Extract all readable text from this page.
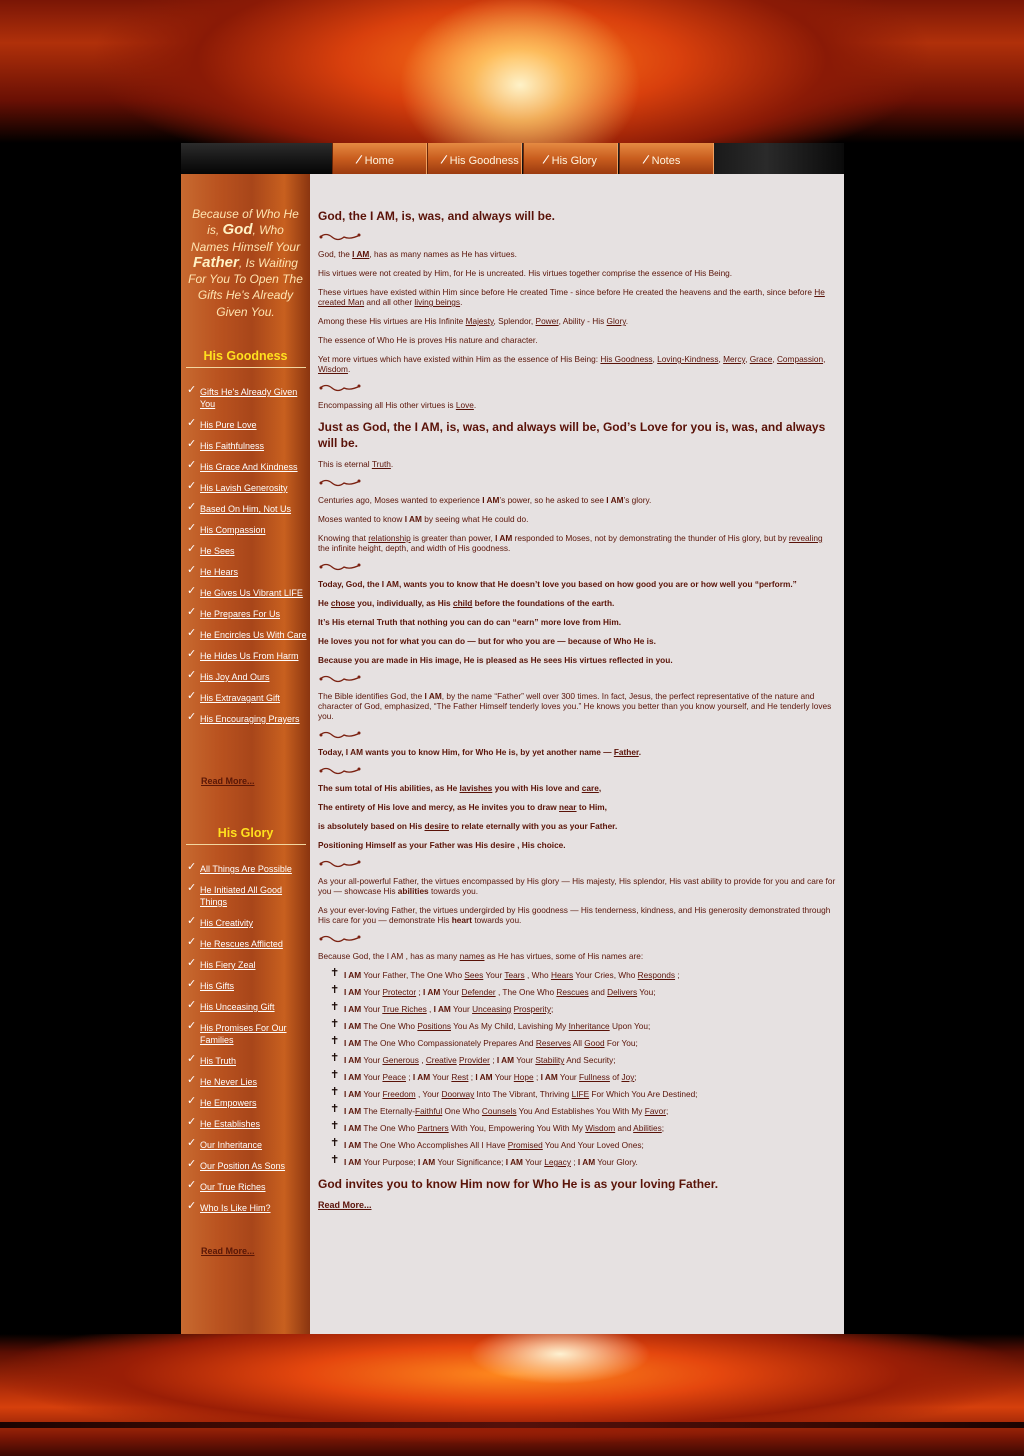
/ Home	/ His Goodness	/ His Glory	/ Notes
Because of Who He is, God, Who Names Himself Your Father, Is Waiting For You To Open The Gifts He's Already Given You.
His Goodness
✓ Gifts He's Already Given You
✓ His Pure Love
✓ His Faithfulness
✓ His Grace And Kindness
✓ His Lavish Generosity
✓ Based On Him, Not Us
✓ His Compassion
✓ He Sees
✓ He Hears
✓ He Gives Us Vibrant LIFE
✓ He Prepares For Us
✓ He Encircles Us With Care
✓ He Hides Us From Harm
✓ His Joy And Ours
✓ His Extravagant Gift
✓ His Encouraging Prayers
Read More...
His Glory
✓ All Things Are Possible
✓ He Initiated All Good Things
✓ His Creativity
✓ He Rescues Afflicted
✓ His Fiery Zeal
✓ His Gifts
✓ His Unceasing Gift
✓ His Promises For Our Families
✓ His Truth
✓ He Never Lies
✓ He Empowers
✓ He Establishes
✓ Our Inheritance
✓ Our Position As Sons
✓ Our True Riches
✓ Who Is Like Him?
Read More...
God, the I AM, is, was, and always will be.

God, the I AM, has as many names as He has virtues.

His virtues were not created by Him, for He is uncreated. His virtues together comprise the essence of His Being.

These virtues have existed within Him since before He created Time - since before He created the heavens and the earth, since before He created Man and all other living beings.

Among these His virtues are His Infinite Majesty, Splendor, Power, Ability - His Glory.

The essence of Who He is proves His nature and character.

Yet more virtues which have existed within Him as the essence of His Being: His Goodness, Loving-Kindness, Mercy, Grace, Compassion, Wisdom.

Encompassing all His other virtues is Love.

Just as God, the I AM, is, was, and always will be, God’s Love for you is, was, and always will be.

This is eternal Truth.

Centuries ago, Moses wanted to experience I AM’s power, so he asked to see I AM’s glory.

Moses wanted to know I AM by seeing what He could do.

Knowing that relationship is greater than power, I AM responded to Moses, not by demonstrating the thunder of His glory, but by revealing the infinite height, depth, and width of His goodness.

Today, God, the I AM, wants you to know that He doesn’t love you based on how good you are or how well you “perform.”

He chose you, individually, as His child before the foundations of the earth.

It’s His eternal Truth that nothing you can do can “earn” more love from Him.

He loves you not for what you can do — but for who you are — because of Who He is.

Because you are made in His image, He is pleased as He sees His virtues reflected in you.

The Bible identifies God, the I AM, by the name “Father” well over 300 times. In fact, Jesus, the perfect representative of the nature and character of God, emphasized, “The Father Himself tenderly loves you.” He knows you better than you know yourself, and He tenderly loves you.

Today, I AM wants you to know Him, for Who He is, by yet another name — Father.

The sum total of His abilities, as He lavishes you with His love and care,

The entirety of His love and mercy, as He invites you to draw near to Him,

is absolutely based on His desire to relate eternally with you as your Father.

Positioning Himself as your Father was His desire , His choice.

As your all-powerful Father, the virtues encompassed by His glory — His majesty, His splendor, His vast ability to provide for you and care for you — showcase His abilities towards you.

As your ever-loving Father, the virtues undergirded by His goodness — His tenderness, kindness, and His generosity demonstrated through His care for you — demonstrate His heart towards you.

Because God, the I AM , has as many names as He has virtues, some of His names are:

✝ I AM Your Father, The One Who Sees Your Tears , Who Hears Your Cries, Who Responds ;
✝ I AM Your Protector ; I AM Your Defender , The One Who Rescues and Delivers You;
✝ I AM Your True Riches , I AM Your Unceasing Prosperity;
✝ I AM The One Who Positions You As My Child, Lavishing My Inheritance Upon You;
✝ I AM The One Who Compassionately Prepares And Reserves All Good For You;
✝ I AM Your Generous , Creative Provider ; I AM Your Stability And Security;
✝ I AM Your Peace ; I AM Your Rest ; I AM Your Hope ; I AM Your Fullness of Joy;
✝ I AM Your Freedom , Your Doorway Into The Vibrant, Thriving LIFE For Which You Are Destined;
✝ I AM The Eternally-Faithful One Who Counsels You And Establishes You With My Favor;
✝ I AM The One Who Partners With You, Empowering You With My Wisdom and Abilities;
✝ I AM The One Who Accomplishes All I Have Promised You And Your Loved Ones;
✝ I AM Your Purpose; I AM Your Significance; I AM Your Legacy ; I AM Your Glory.
God invites you to know Him now for Who He is as your loving Father.
Read More...
